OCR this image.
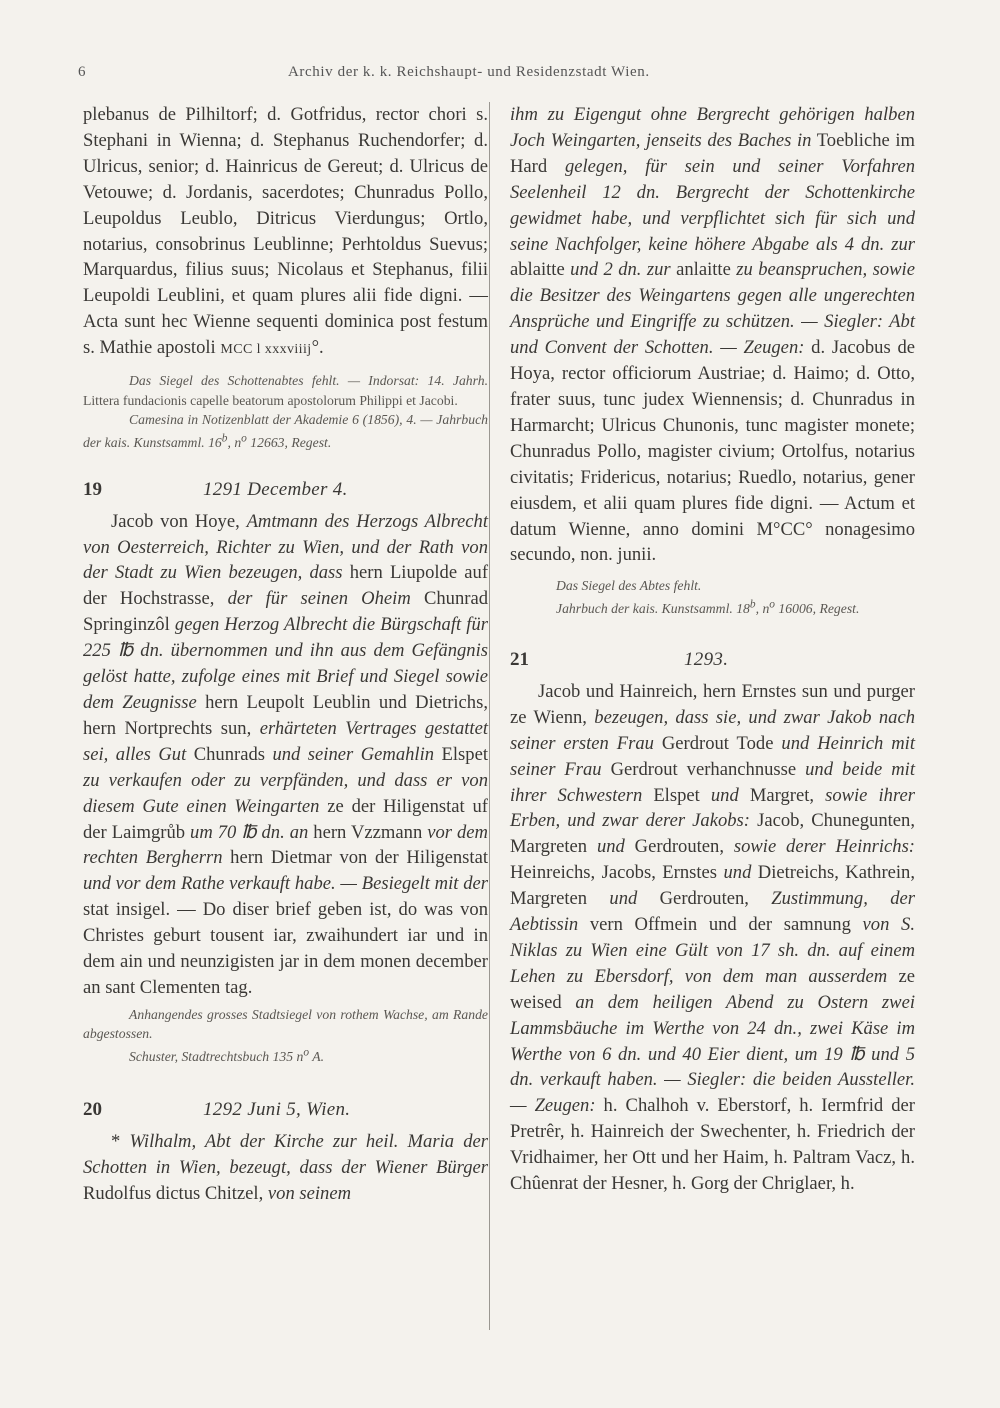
6	Archiv der k. k. Reichshaupt- und Residenzstadt Wien.

plebanus de Pilhiltorf; d. Gotfridus, rector chori s. Stephani in Wienna; d. Stephanus Ruchendorfer; d. Ulricus, senior; d. Hainricus de Gereut; d. Ulricus de Vetouwe; d. Jordanis, sacerdotes; Chunradus Pollo, Leupoldus Leublo, Ditricus Vierdungus; Ortlo, notarius, consobrinus Leublinne; Perhtoldus Suevus; Marquardus, filius suus; Nicolaus et Stephanus, filii Leupoldi Leublini, et quam plures alii fide digni. — Acta sunt hec Wienne sequenti dominica post festum s. Mathie apostoli MCC l xxxviiij°.

Das Siegel des Schottenabtes fehlt. — Indorsat: 14. Jahrh. Littera fundacionis capelle beatorum apostolorum Philippi et Jacobi.

Camesina in Notizenblatt der Akademie 6 (1856), 4. — Jahrbuch der kais. Kunstsamml. 16$^b$, $n^o$ 12663, Regest.

19	1291 December 4.

Jacob von Hoye, Amtmann des Herzogs Albrecht von Oesterreich, Richter zu Wien, und der Rath von der Stadt zu Wien bezeugen, dass hern Liupolde auf der Hochstrasse, der für seinen Oheim Chunrad Springinzôl gegen Herzog Albrecht die Bürgschaft für 225 ℔ dn. übernommen und ihn aus dem Gefängnis gelöst hatte, zufolge eines mit Brief und Siegel sowie dem Zeugnisse hern Leupolt Leublin und Dietrichs, hern Nortprechts sun, erhärteten Vertrages gestattet sei, alles Gut Chunrads und seiner Gemahlin Elspet zu verkaufen oder zu verpfänden, und dass er von diesem Gute einen Weingarten ze der Hiligenstat uf der Laimgrůb um 70 ℔ dn. an hern Vzzmann vor dem rechten Bergherrn hern Dietmar von der Hiligenstat und vor dem Rathe verkauft habe. — Besiegelt mit der stat insigel. — Do diser brief geben ist, do was von Christes geburt tousent iar, zwaihundert iar und in dem ain und neunzigisten jar in dem monen december an sant Clementen tag.

Anhangendes grosses Stadtsiegel von rothem Wachse, am Rande abgestossen.

Schuster, Stadtrechtsbuch 135 $n^o$ A.

20	1292 Juni 5, Wien.

* Wilhalm, Abt der Kirche zur heil. Maria der Schotten in Wien, bezeugt, dass der Wiener Bürger Rudolfus dictus Chitzel, von seinem

ihm zu Eigengut ohne Bergrecht gehörigen halben Joch Weingarten, jenseits des Baches in Toebliche im Hard gelegen, für sein und seiner Vorfahren Seelenheil 12 dn. Bergrecht der Schottenkirche gewidmet habe, und verpflichtet sich für sich und seine Nachfolger, keine höhere Abgabe als 4 dn. zur ablaitte und 2 dn. zur anlaitte zu beanspruchen, sowie die Besitzer des Weingartens gegen alle ungerechten Ansprüche und Eingriffe zu schützen. — Siegler: Abt und Convent der Schotten. — Zeugen: d. Jacobus de Hoya, rector officiorum Austriae; d. Haimo; d. Otto, frater suus, tunc judex Wiennensis; d. Chunradus in Harmarcht; Ulricus Chunonis, tunc magister monete; Chunradus Pollo, magister civium; Ortolfus, notarius civitatis; Fridericus, notarius; Ruedlo, notarius, gener eiusdem, et alii quam plures fide digni. — Actum et datum Wienne, anno domini M°CC° nonagesimo secundo, non. junii.

Das Siegel des Abtes fehlt.

Jahrbuch der kais. Kunstsamml. 18$^b$, $n^o$ 16006, Regest.

21	1293.

Jacob und Hainreich, hern Ernstes sun und purger ze Wienn, bezeugen, dass sie, und zwar Jakob nach seiner ersten Frau Gerdrout Tode und Heinrich mit seiner Frau Gerdrout verhanchnusse und beide mit ihrer Schwestern Elspet und Margret, sowie ihrer Erben, und zwar derer Jakobs: Jacob, Chunegunten, Margreten und Gerdrouten, sowie derer Heinrichs: Heinreichs, Jacobs, Ernstes und Dietreichs, Kathrein, Margreten und Gerdrouten, Zustimmung, der Aebtissin vern Offmein und der samnung von S. Niklas zu Wien eine Gült von 17 sh. dn. auf einem Lehen zu Ebersdorf, von dem man ausserdem ze weised an dem heiligen Abend zu Ostern zwei Lammsbäuche im Werthe von 24 dn., zwei Käse im Werthe von 6 dn. und 40 Eier dient, um 19 ℔ und 5 dn. verkauft haben. — Siegler: die beiden Aussteller. — Zeugen: h. Chalhoh v. Eberstorf, h. Iermfrid der Pretrêr, h. Hainreich der Swechenter, h. Friedrich der Vridhaimer, her Ott und her Haim, h. Paltram Vacz, h. Chûenrat der Hesner, h. Gorg der Chriglaer, h.
